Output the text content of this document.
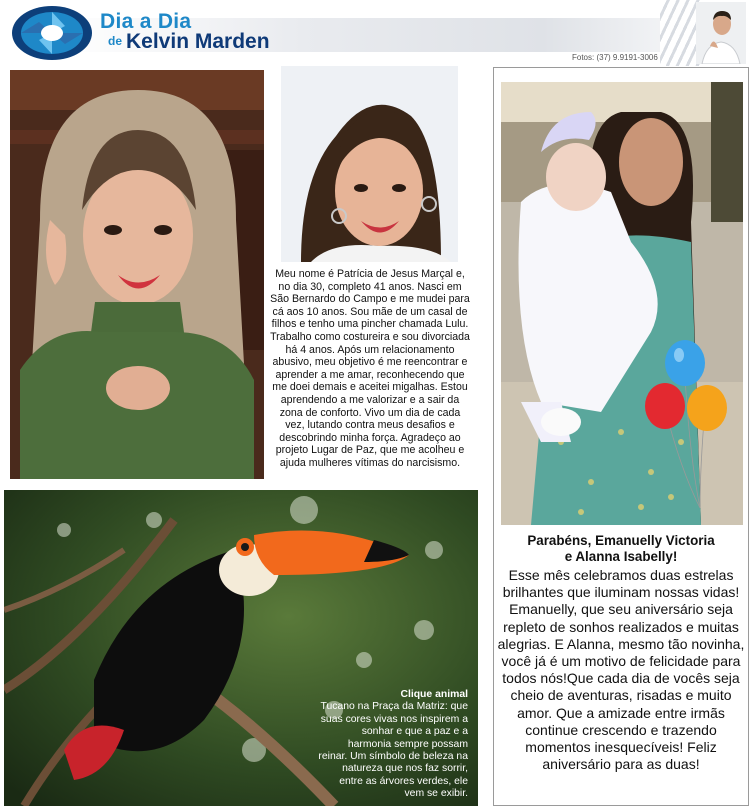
Dia a Dia
de Kelvin Marden
Fotos: (37) 9.9191-3006
Meu nome é Patrícia de Jesus Marçal e, no dia 30, completo 41 anos. Nasci em São Bernardo do Campo e me mudei para cá aos 10 anos. Sou mãe de um casal de filhos e tenho uma pincher chamada Lulu. Trabalho como costureira e sou divorciada há 4 anos. Após um relacionamento abusivo, meu objetivo é me reencontrar e aprender a me amar, reconhecendo que me doei demais e aceitei migalhas. Estou aprendendo a me valorizar e a sair da zona de conforto. Vivo um dia de cada vez, lutando contra meus desafios e descobrindo minha força. Agradeço ao projeto Lugar de Paz, que me acolheu e ajuda mulheres vítimas do narcisismo.
Parabéns, Emanuelly Victoria
e Alanna Isabelly!
Esse mês celebramos duas estrelas brilhantes que iluminam nossas vidas! Emanuelly, que seu aniversário seja repleto de sonhos realizados e muitas alegrias. E Alanna, mesmo tão novinha, você já é um motivo de felicidade para todos nós!Que cada dia de vocês seja cheio de aventuras, risadas e muito amor. Que a amizade entre irmãs continue crescendo e trazendo momentos inesquecíveis! Feliz aniversário para as duas!
Clique animal
Tucano na Praça da Matriz: que suas cores vivas nos inspirem a sonhar e que a paz e a harmonia sempre possam reinar. Um símbolo de beleza na natureza que nos faz sorrir, entre as árvores verdes, ele vem se exibir.
